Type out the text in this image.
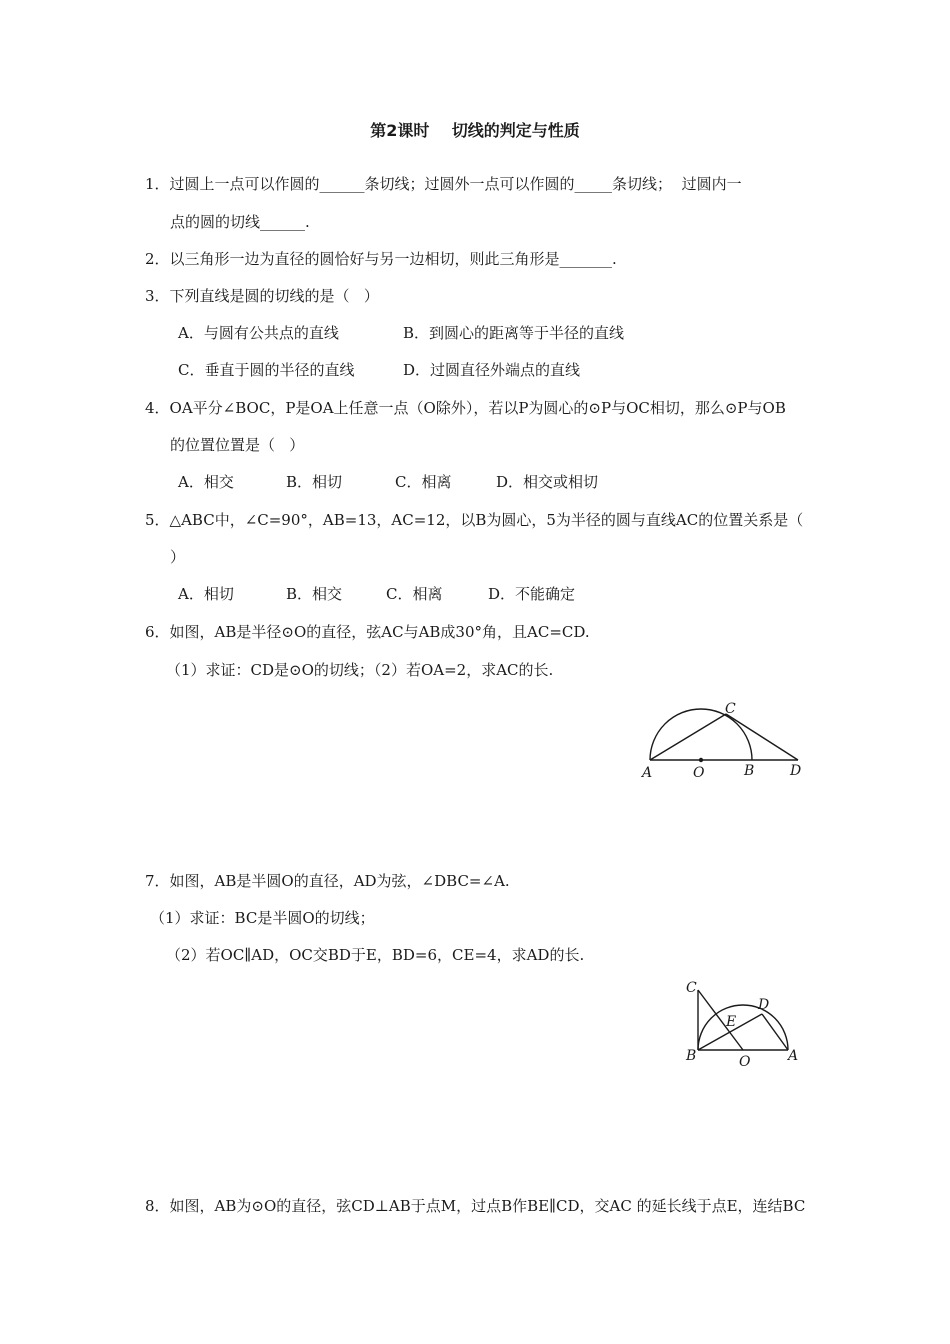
第2课时    切线的判定与性质
1．过圆上一点可以作圆的______条切线；过圆外一点可以作圆的_____条切线；  过圆内一
点的圆的切线______.
2．以三角形一边为直径的圆恰好与另一边相切，则此三角形是_______.
3．下列直线是圆的切线的是（   ）
A．与圆有公共点的直线	B．到圆心的距离等于半径的直线
C．垂直于圆的半径的直线	D．过圆直径外端点的直线
4．OA平分∠BOC，P是OA上任意一点（O除外），若以P为圆心的⊙P与OC相切，那么⊙P与OB
的位置位置是（   ）
A．相交	B．相切	C．相离	D．相交或相切
5．△ABC中，∠C=90°，AB=13，AC=12，以B为圆心，5为半径的圆与直线AC的位置关系是（
）
A．相切	B．相交	C．相离	D．不能确定
6．如图，AB是半径⊙O的直径，弦AC与AB成30°角，且AC=CD.
（1）求证：CD是⊙O的切线；（2）若OA=2，求AC的长.
A	O	B
C
D
7．如图，AB是半圆O的直径，AD为弦，∠DBC=∠A.
（1）求证：BC是半圆O的切线；
（2）若OC∥AD，OC交BD于E，BD=6，CE=4，求AD的长.
C
D
E
B	A
O
8．如图，AB为⊙O的直径，弦CD⊥AB于点M，过点B作BE∥CD，交AC 的延长线于点E，连结BC
